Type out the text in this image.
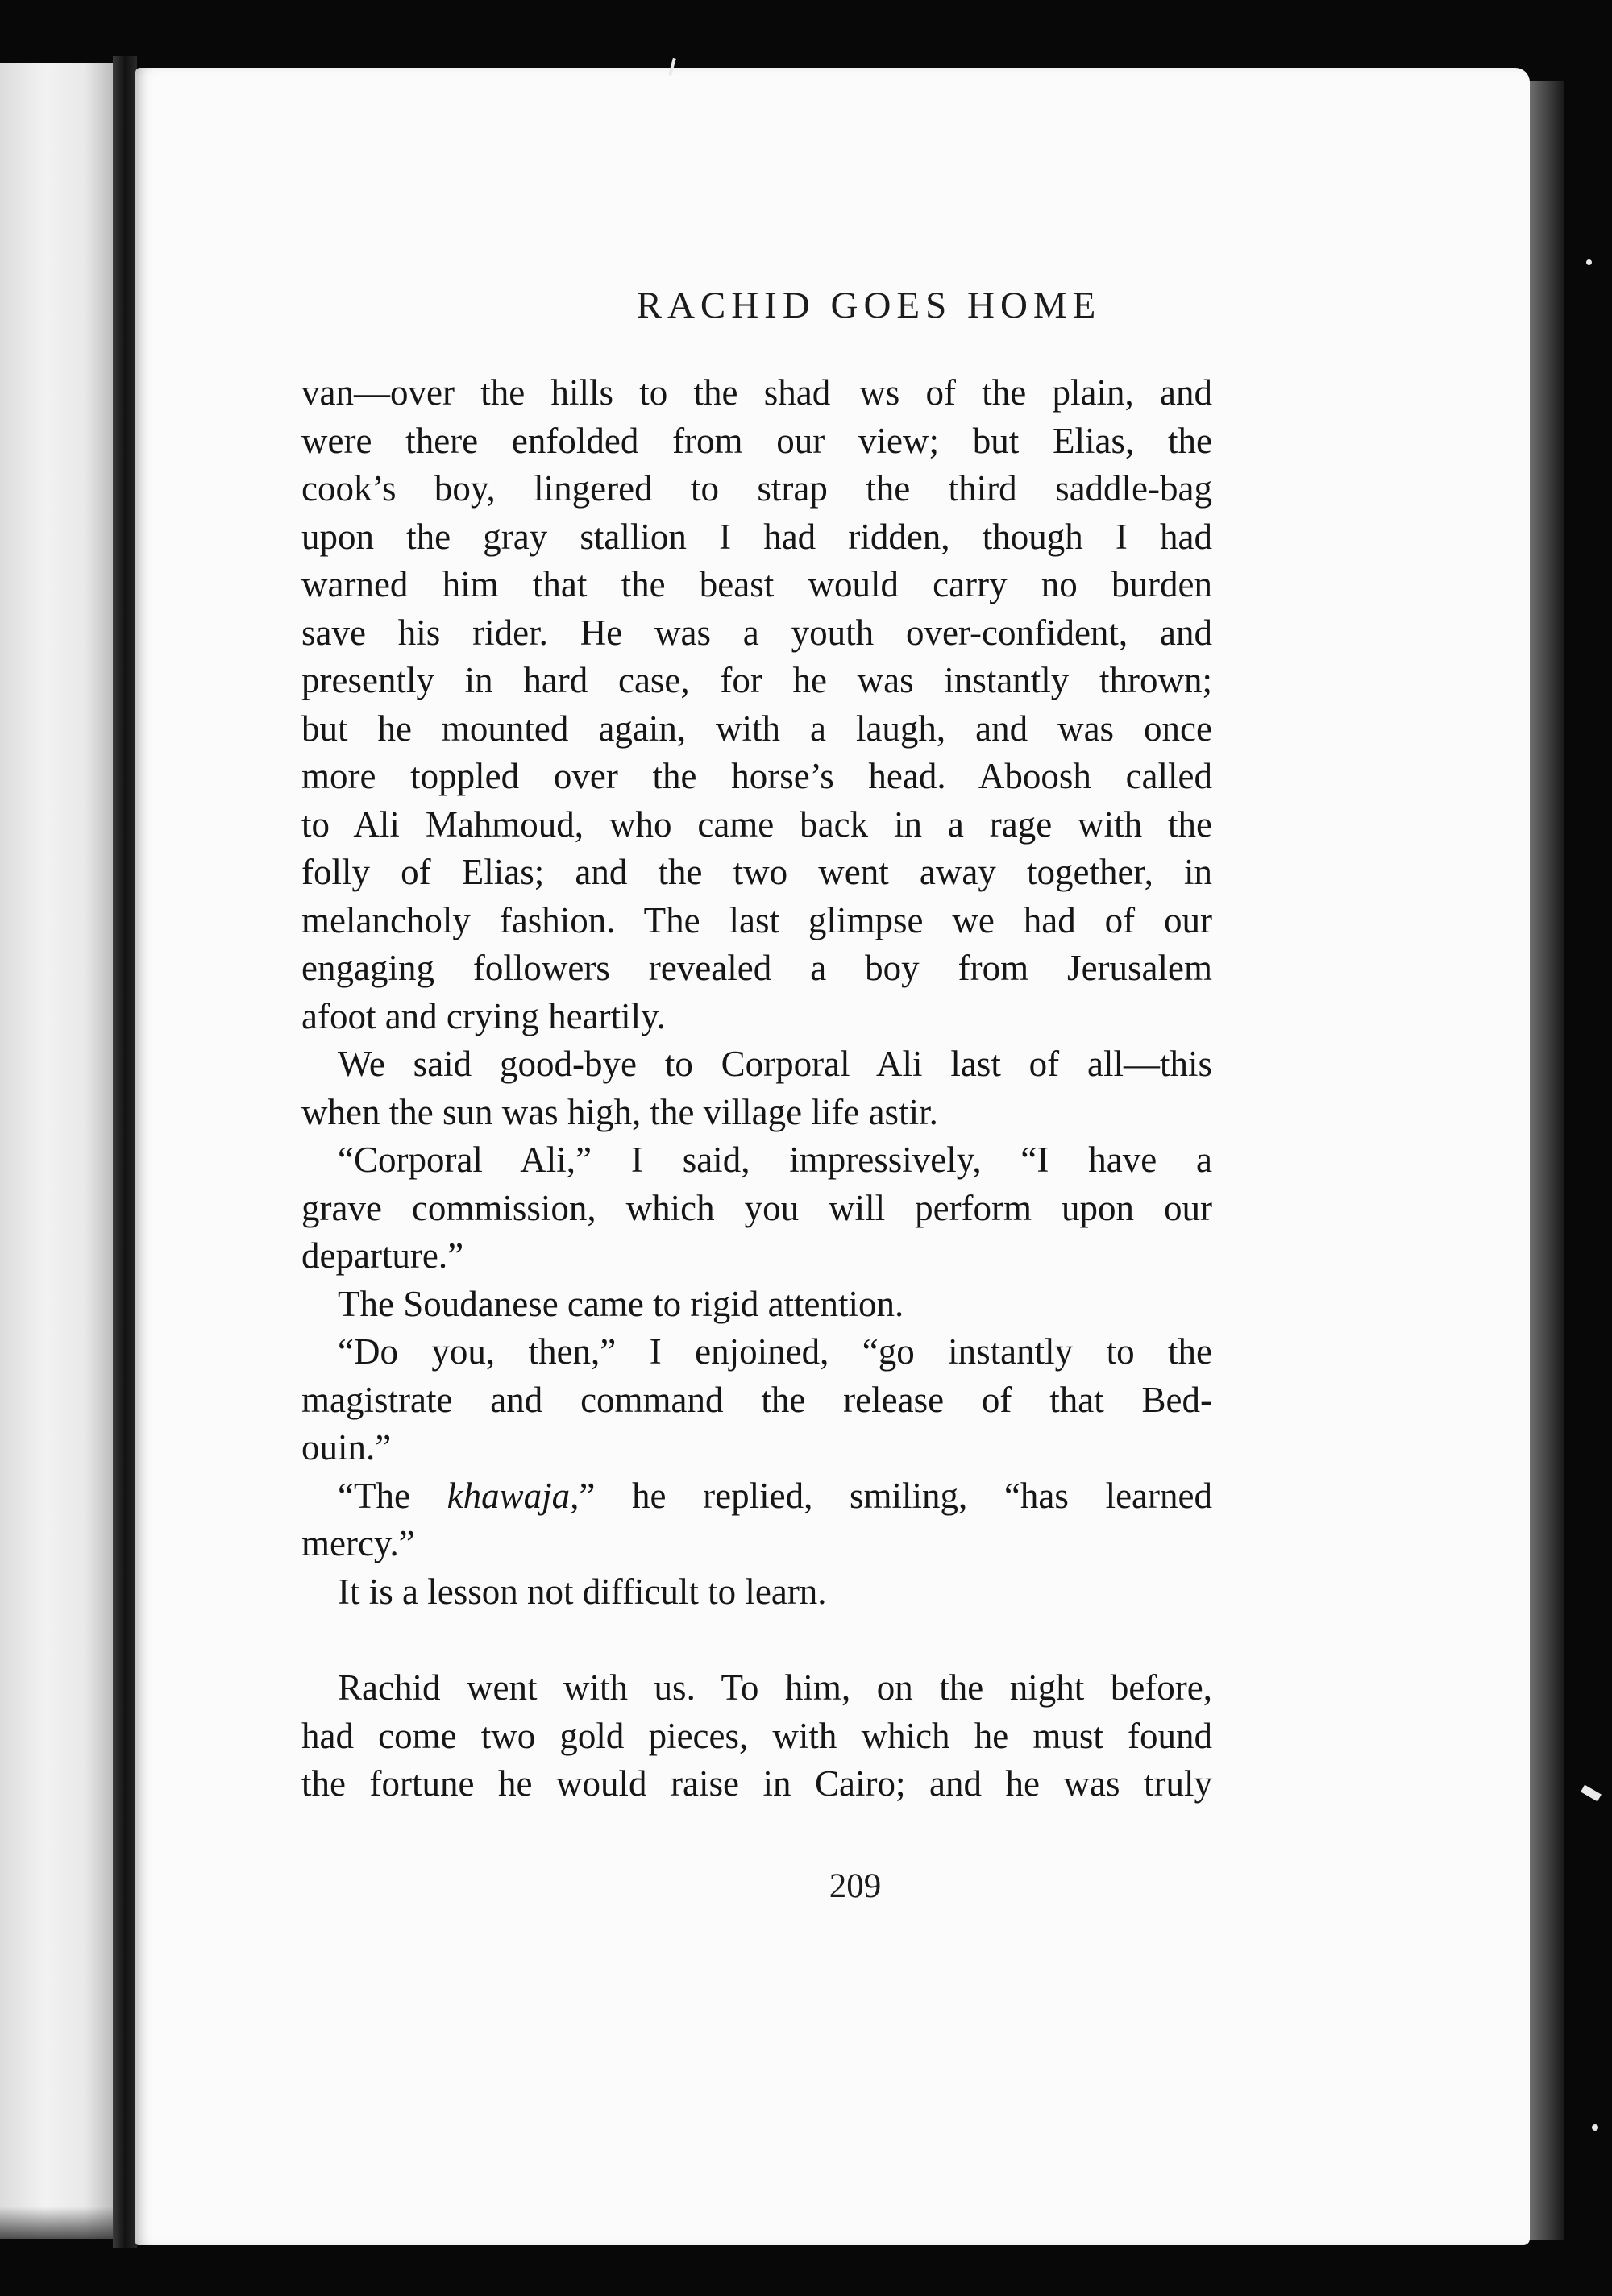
RACHID GOES HOME
van—over the hills to the shad  ws of the plain, and
were there enfolded from our view; but Elias, the
cook’s boy, lingered to strap the third saddle-bag
upon the gray stallion I had ridden, though I had
warned him that the beast would carry no burden
save his rider. He was a youth over-confident, and
presently in hard case, for he was instantly thrown;
but he mounted again, with a laugh, and was once
more toppled over the horse’s head. Aboosh called
to Ali Mahmoud, who came back in a rage with the
folly of Elias; and the two went away together, in
melancholy fashion. The last glimpse we had of our
engaging followers revealed a boy from Jerusalem
afoot and crying heartily.
We said good-bye to Corporal Ali last of all—this
when the sun was high, the village life astir.
“Corporal Ali,” I said, impressively, “I have a
grave commission, which you will perform upon our
departure.”
The Soudanese came to rigid attention.
“Do you, then,” I enjoined, “go instantly to the
magistrate and command the release of that Bed-
ouin.”
“The khawaja,” he replied, smiling, “has learned
mercy.”
It is a lesson not difficult to learn.
Rachid went with us. To him, on the night before,
had come two gold pieces, with which he must found
the fortune he would raise in Cairo; and he was truly
209
